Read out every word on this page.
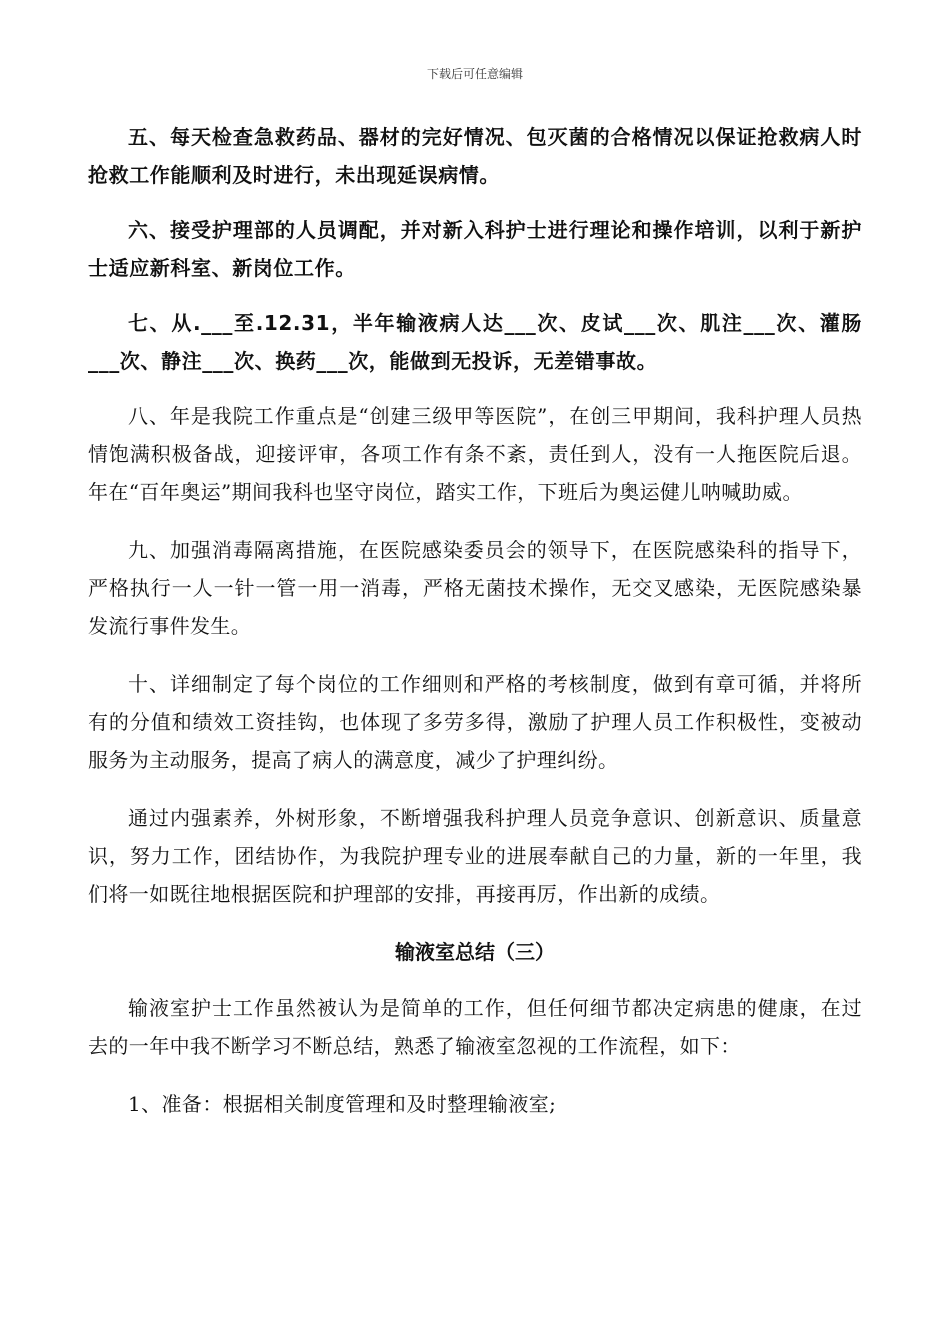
下载后可任意编辑

五、每天检查急救药品、器材的完好情况、包灭菌的合格情况以保证抢救病人时抢救工作能顺利及时进行，未出现延误病情。

六、接受护理部的人员调配，并对新入科护士进行理论和操作培训，以利于新护士适应新科室、新岗位工作。

七、从.___至.12.31，半年输液病人达___次、皮试___次、肌注___次、灌肠___次、静注___次、换药___次，能做到无投诉，无差错事故。

八、年是我院工作重点是“创建三级甲等医院”，在创三甲期间，我科护理人员热情饱满积极备战，迎接评审，各项工作有条不紊，责任到人，没有一人拖医院后退。年在“百年奥运”期间我科也坚守岗位，踏实工作，下班后为奥运健儿呐喊助威。

九、加强消毒隔离措施，在医院感染委员会的领导下，在医院感染科的指导下，严格执行一人一针一管一用一消毒，严格无菌技术操作，无交叉感染，无医院感染暴发流行事件发生。

十、详细制定了每个岗位的工作细则和严格的考核制度，做到有章可循，并将所有的分值和绩效工资挂钩，也体现了多劳多得，激励了护理人员工作积极性，变被动服务为主动服务，提高了病人的满意度，减少了护理纠纷。

通过内强素养，外树形象，不断增强我科护理人员竞争意识、创新意识、质量意识，努力工作，团结协作，为我院护理专业的进展奉献自己的力量，新的一年里，我们将一如既往地根据医院和护理部的安排，再接再厉，作出新的成绩。

输液室总结（三）

输液室护士工作虽然被认为是简单的工作，但任何细节都决定病患的健康，在过去的一年中我不断学习不断总结，熟悉了输液室忽视的工作流程，如下：

1、准备：根据相关制度管理和及时整理输液室;
